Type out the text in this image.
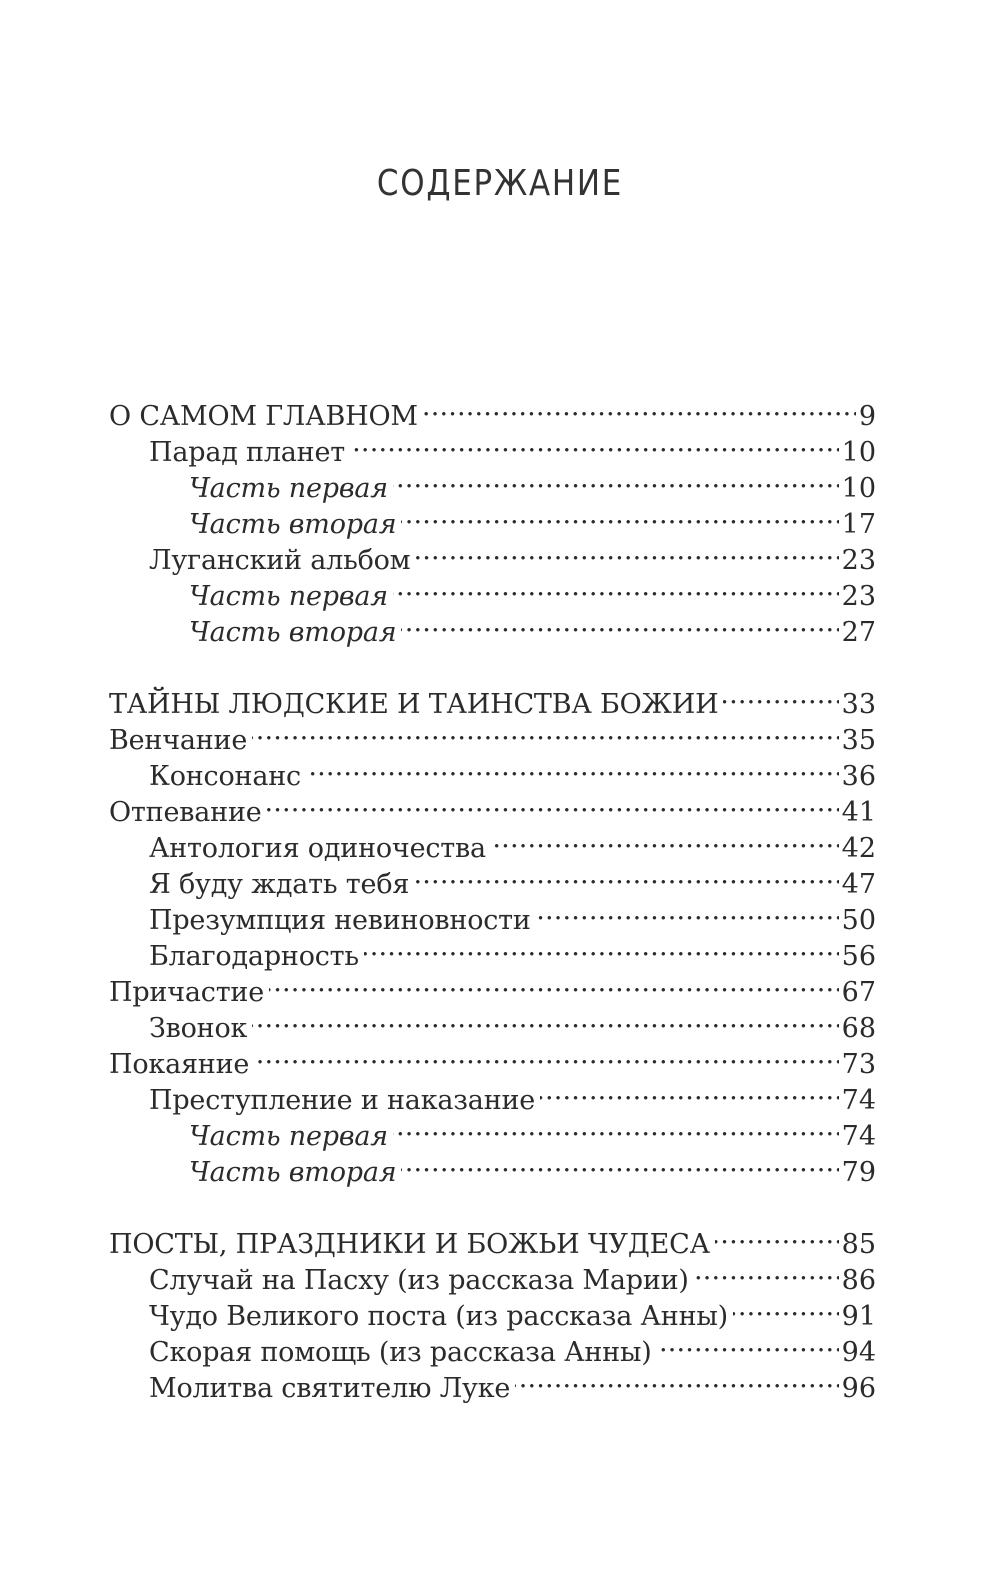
СОДЕРЖАНИЕ
О САМОМ ГЛАВНОМ . . .	9
Парад планет . . .	10
Часть первая . . .	10
Часть вторая . . .	17
Луганский альбом . . .	23
Часть первая . . .	23
Часть вторая . . .	27
ТАЙНЫ ЛЮДСКИЕ И ТАИНСТВА БОЖИИ . . .	33
Венчание . . .	35
Консонанс . . .	36
Отпевание . . .	41
Антология одиночества . . .	42
Я буду ждать тебя . . .	47
Презумпция невиновности . . .	50
Благодарность . . .	56
Причастие . . .	67
Звонок . . .	68
Покаяние . . .	73
Преступление и наказание . . .	74
Часть первая . . .	74
Часть вторая . . .	79
ПОСТЫ, ПРАЗДНИКИ И БОЖЬИ ЧУДЕСА . . .	85
Случай на Пасху (из рассказа Марии) . . .	86
Чудо Великого поста (из рассказа Анны) . . .	91
Скорая помощь (из рассказа Анны) . . .	94
Молитва святителю Луке . . .	96
